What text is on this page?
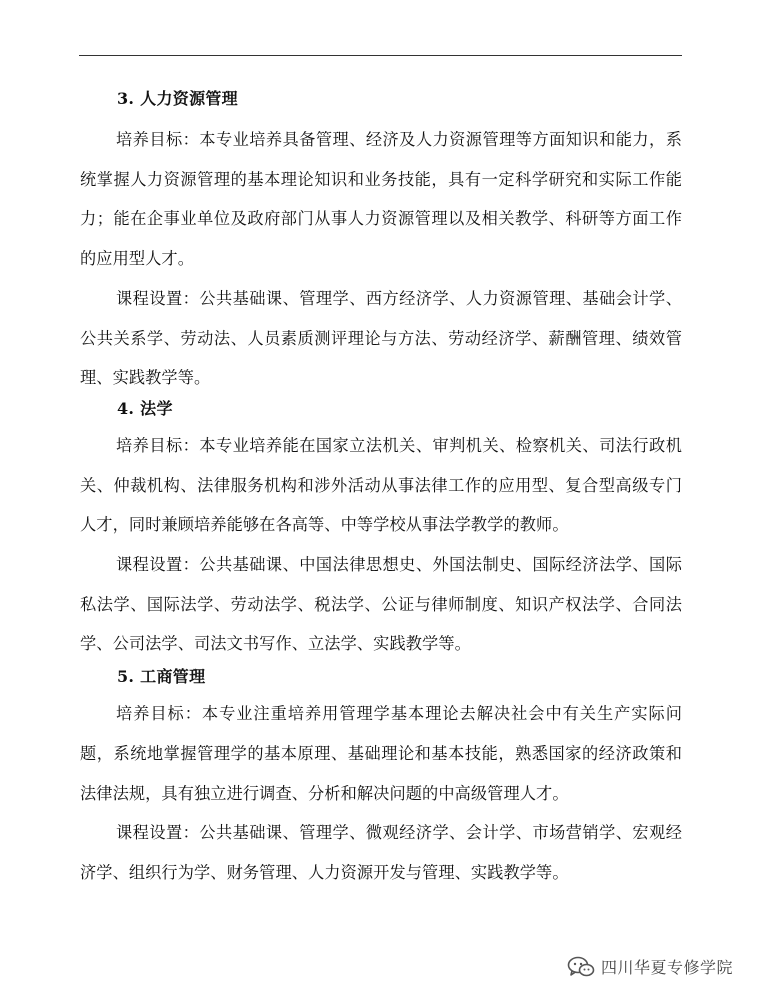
3. 人力资源管理

培养目标：本专业培养具备管理、经济及人力资源管理等方面知识和能力，系统掌握人力资源管理的基本理论知识和业务技能，具有一定科学研究和实际工作能力；能在企事业单位及政府部门从事人力资源管理以及相关教学、科研等方面工作的应用型人才。

课程设置：公共基础课、管理学、西方经济学、人力资源管理、基础会计学、公共关系学、劳动法、人员素质测评理论与方法、劳动经济学、薪酬管理、绩效管理、实践教学等。

4. 法学

培养目标：本专业培养能在国家立法机关、审判机关、检察机关、司法行政机关、仲裁机构、法律服务机构和涉外活动从事法律工作的应用型、复合型高级专门人才，同时兼顾培养能够在各高等、中等学校从事法学教学的教师。

课程设置：公共基础课、中国法律思想史、外国法制史、国际经济法学、国际私法学、国际法学、劳动法学、税法学、公证与律师制度、知识产权法学、合同法学、公司法学、司法文书写作、立法学、实践教学等。

5. 工商管理

培养目标：本专业注重培养用管理学基本理论去解决社会中有关生产实际问题，系统地掌握管理学的基本原理、基础理论和基本技能，熟悉国家的经济政策和法律法规，具有独立进行调查、分析和解决问题的中高级管理人才。

课程设置：公共基础课、管理学、微观经济学、会计学、市场营销学、宏观经济学、组织行为学、财务管理、人力资源开发与管理、实践教学等。

四川华夏专修学院
